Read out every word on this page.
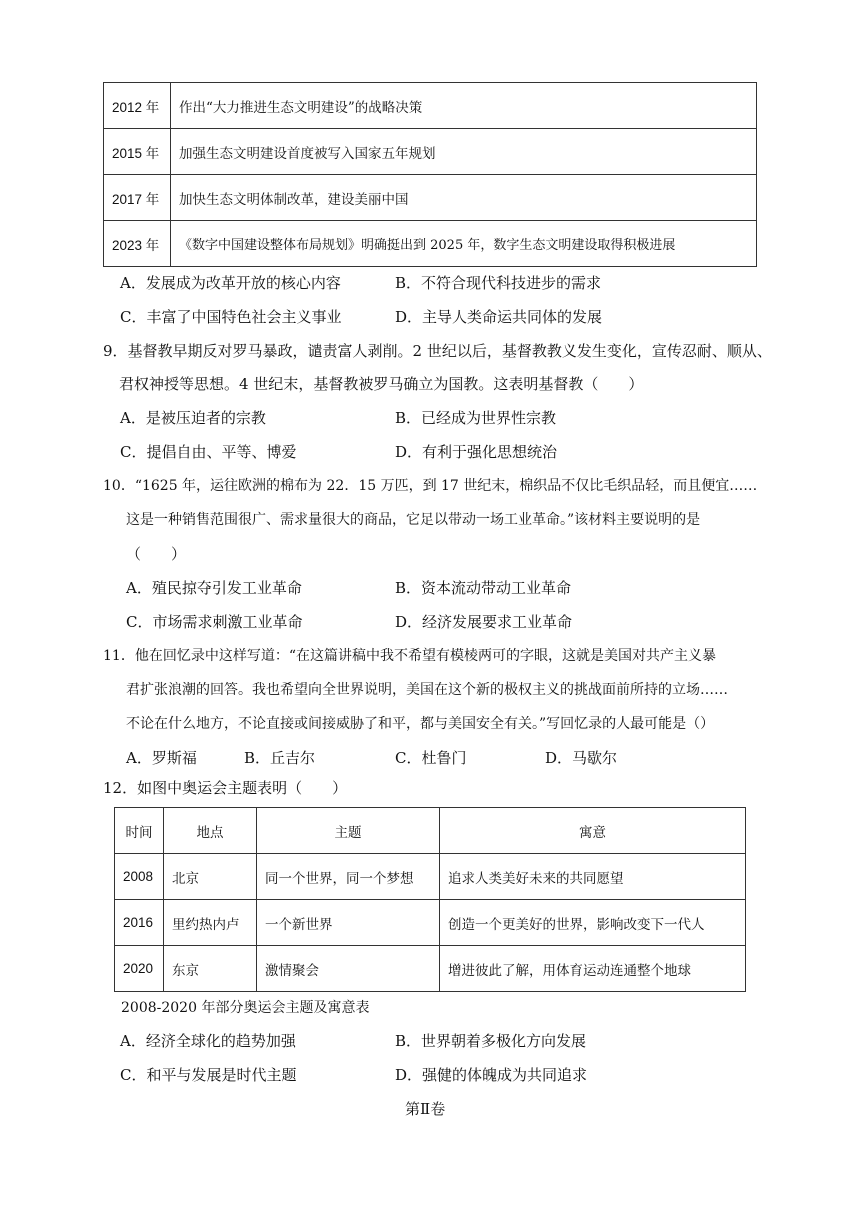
2012 年	作出“大力推进生态文明建设”的战略决策
2015 年	加强生态文明建设首度被写入国家五年规划
2017 年	加快生态文明体制改革，建设美丽中国
2023 年	《数字中国建设整体布局规划》明确挺出到 2025 年，数字生态文明建设取得积极进展
A．发展成为改革开放的核心内容	B．不符合现代科技进步的需求
C．丰富了中国特色社会主义事业	D．主导人类命运共同体的发展
9．基督教早期反对罗马暴政，谴责富人剥削。2 世纪以后，基督教教义发生变化，宣传忍耐、顺从、
君权神授等思想。4 世纪末，基督教被罗马确立为国教。这表明基督教（　　）
A．是被压迫者的宗教	B．已经成为世界性宗教
C．提倡自由、平等、博爱	D．有利于强化思想统治
10．“1625 年，运往欧洲的棉布为 22．15 万匹，到 17 世纪末，棉织品不仅比毛织品轻，而且便宜……
这是一种销售范围很广、需求量很大的商品，它足以带动一场工业革命。”该材料主要说明的是
（　　）
A．殖民掠夺引发工业革命	B．资本流动带动工业革命
C．市场需求刺激工业革命	D．经济发展要求工业革命
11．他在回忆录中这样写道：“在这篇讲稿中我不希望有模棱两可的字眼，这就是美国对共产主义暴
君扩张浪潮的回答。我也希望向全世界说明，美国在这个新的极权主义的挑战面前所持的立场……
不论在什么地方，不论直接或间接威胁了和平，都与美国安全有关。”写回忆录的人最可能是（）
A．罗斯福	B．丘吉尔	C．杜鲁门	D．马歇尔
12．如图中奥运会主题表明（　　）
时间	地点	主题	寓意
2008	北京	同一个世界，同一个梦想	追求人类美好未来的共同愿望
2016	里约热内卢	一个新世界	创造一个更美好的世界，影响改变下一代人
2020	东京	激情聚会	增进彼此了解，用体育运动连通整个地球
2008-2020 年部分奥运会主题及寓意表
A．经济全球化的趋势加强	B．世界朝着多极化方向发展
C．和平与发展是时代主题	D．强健的体魄成为共同追求
第Ⅱ卷
